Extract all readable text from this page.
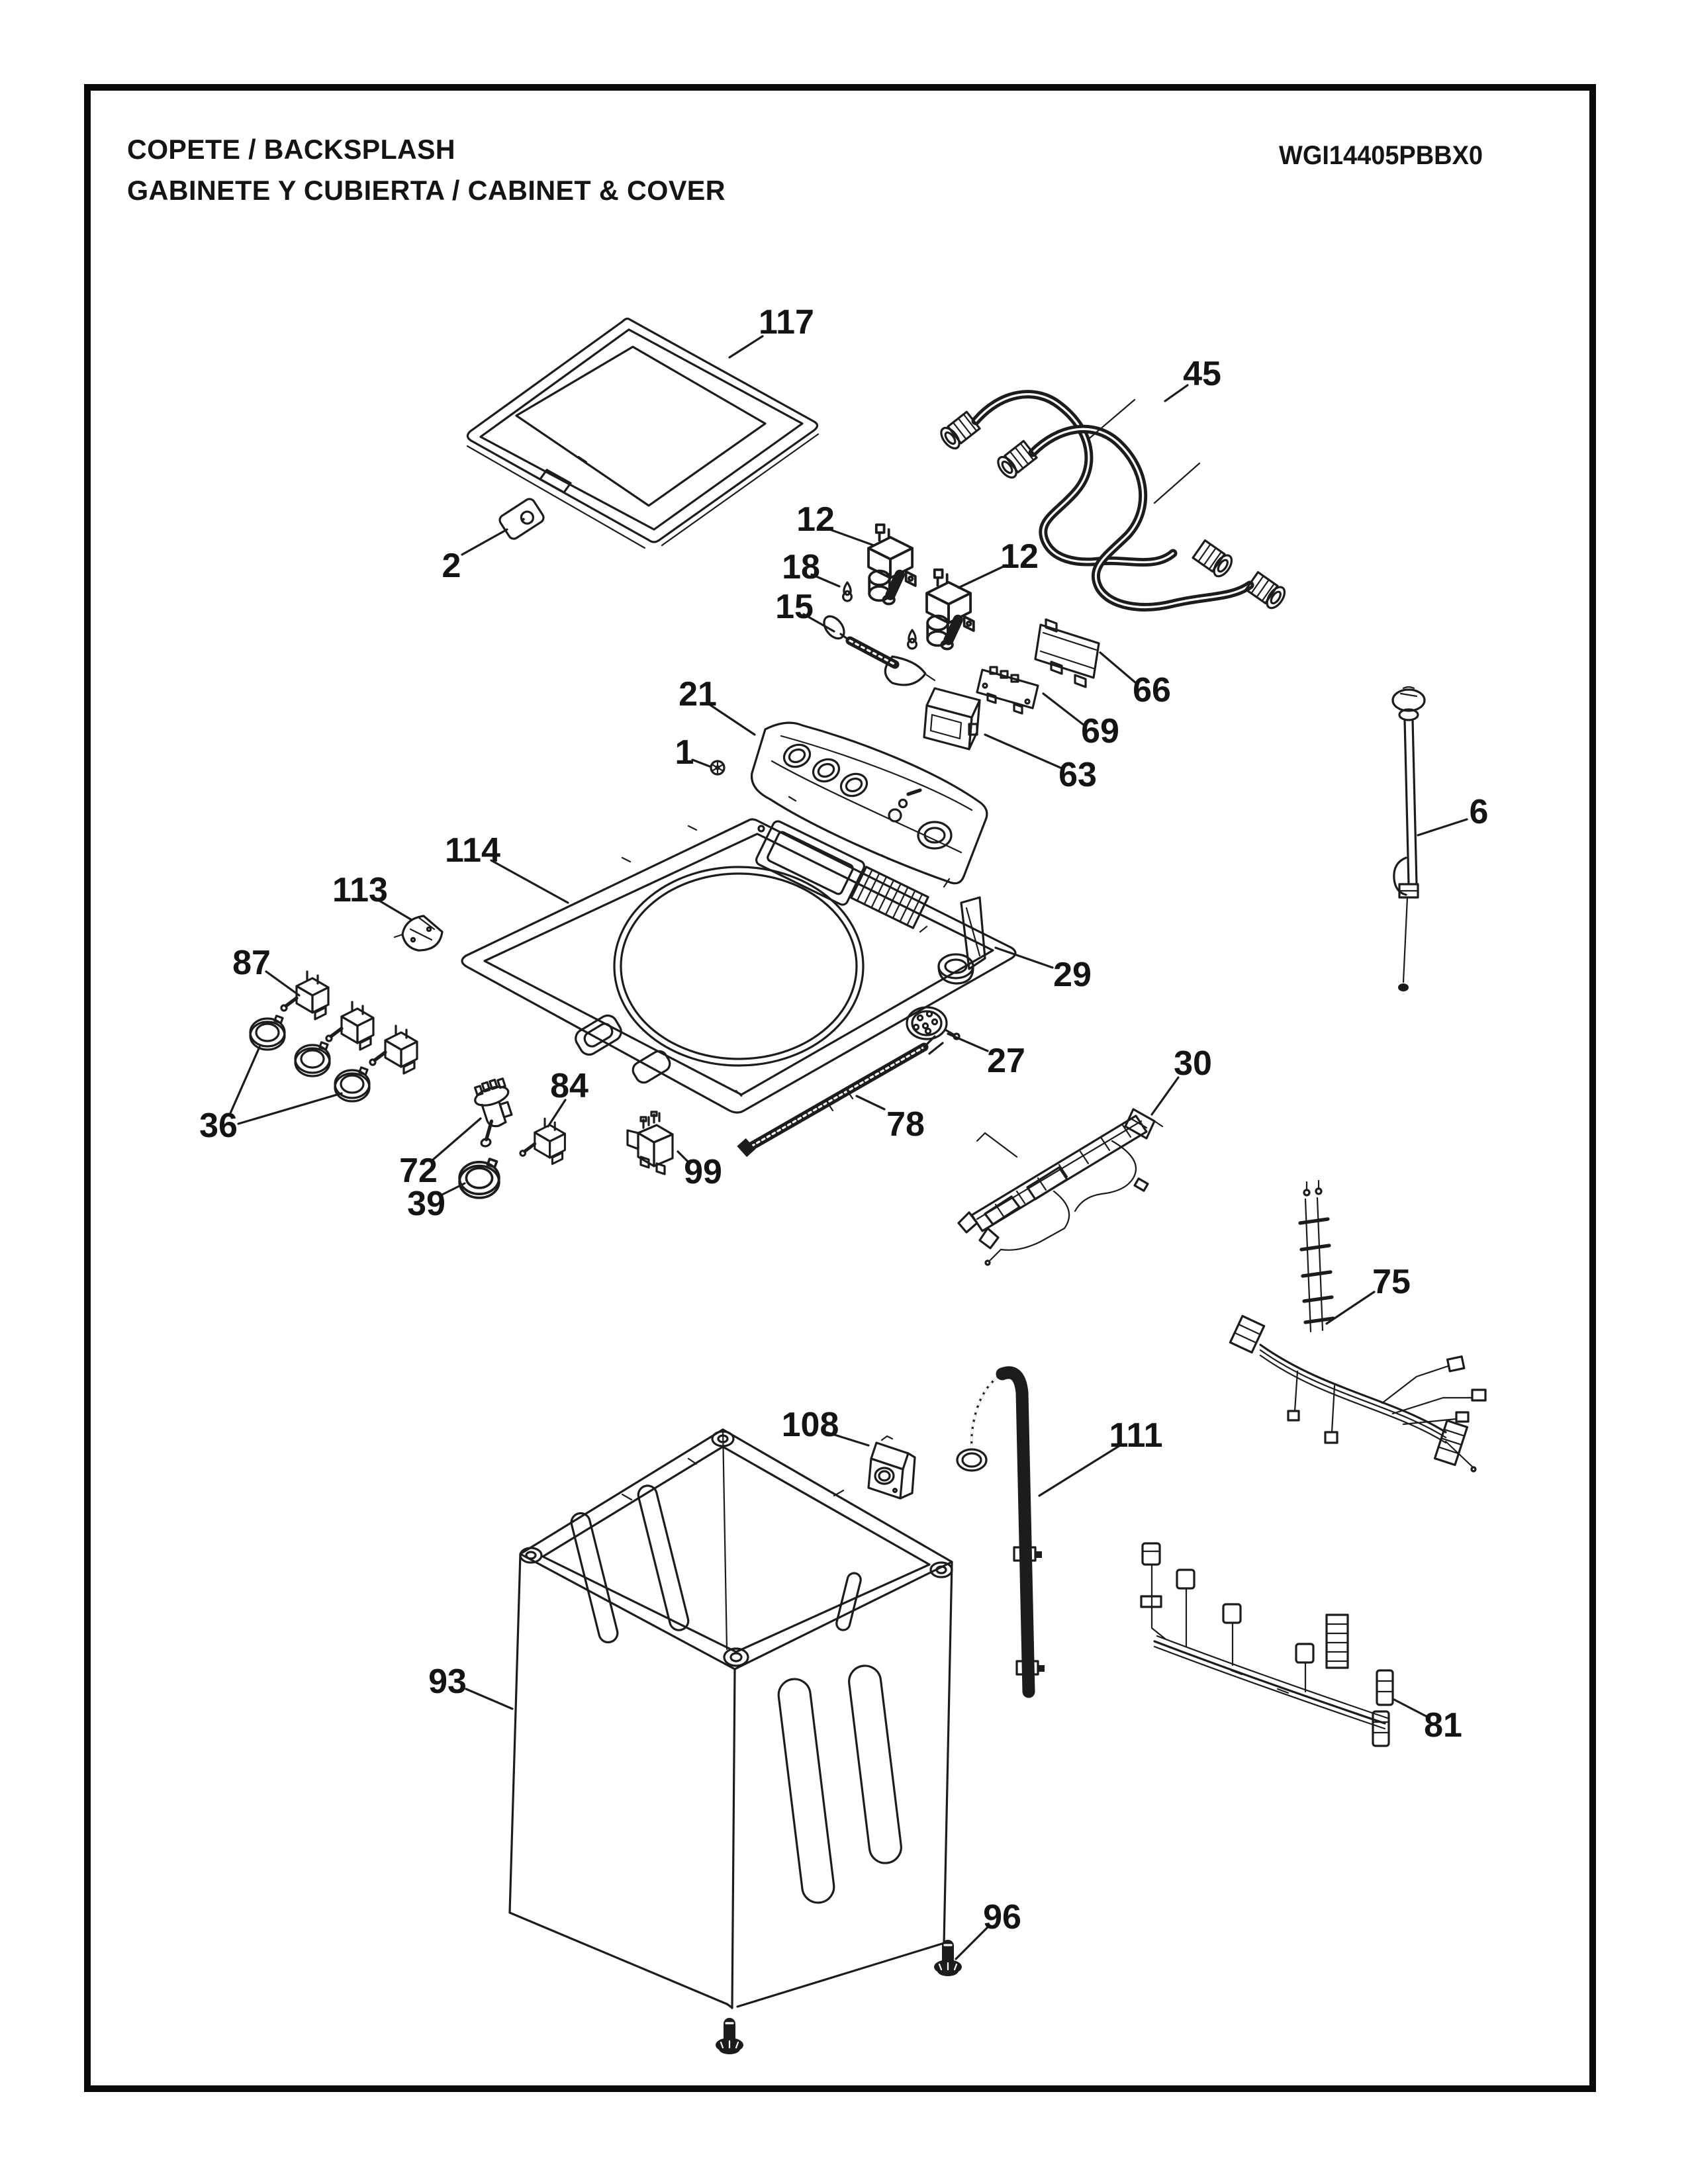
COPETE / BACKSPLASH
GABINETE Y CUBIERTA / CABINET & COVER
WGI14405PBBX0
117
2
45
12
12
18
15
21
1
66
69
63
6
114
113
87	29
27
36
84
72
78
30
99
39
75
108	111
93
81
96
